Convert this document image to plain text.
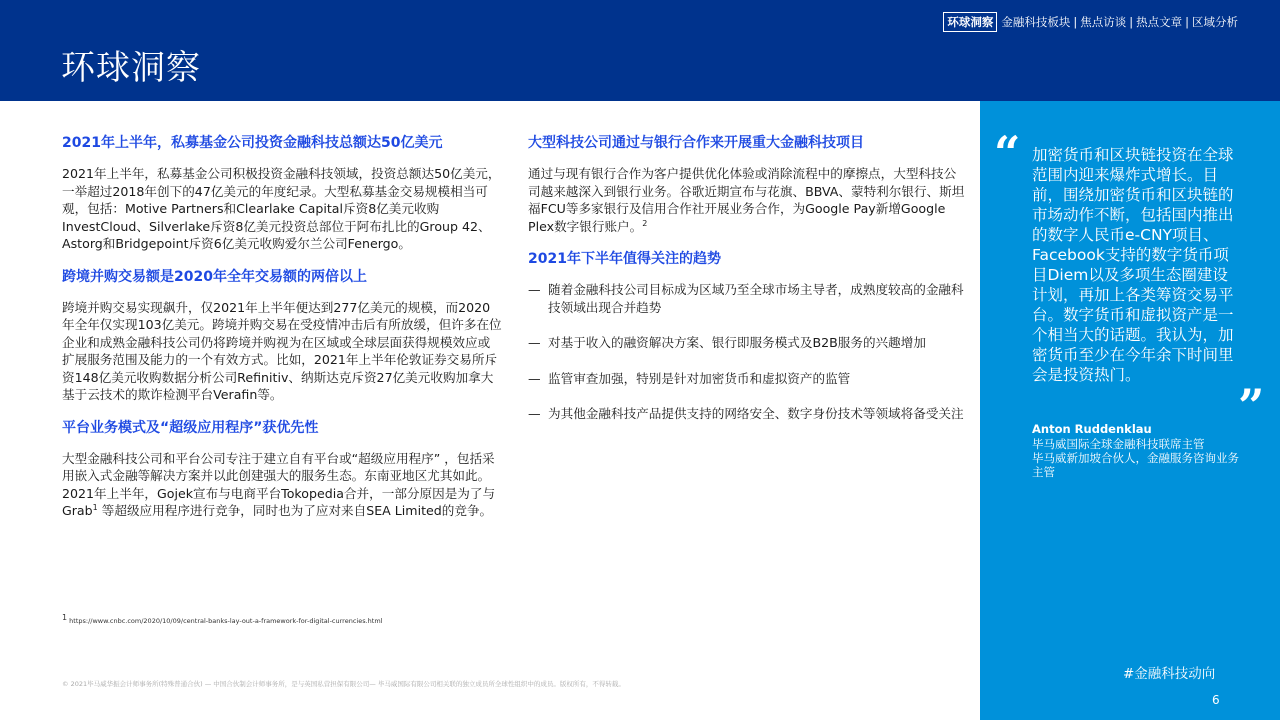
环球洞察
环球洞察 金融科技板块 | 焦点访谈 | 热点文章 | 区域分析
2021年上半年，私募基金公司投资金融科技总额达50亿美元

2021年上半年，私募基金公司积极投资金融科技领域，投资总额达50亿美元，一举超过2018年创下的47亿美元的年度纪录。大型私募基金交易规模相当可观，包括：Motive Partners和Clearlake Capital斥资8亿美元收购InvestCloud、Silverlake斥资8亿美元投资总部位于阿布扎比的Group 42、Astorg和Bridgepoint斥资6亿美元收购爱尔兰公司Fenergo。

跨境并购交易额是2020年全年交易额的两倍以上

跨境并购交易实现飙升，仅2021年上半年便达到277亿美元的规模，而2020年全年仅实现103亿美元。跨境并购交易在受疫情冲击后有所放缓，但许多在位企业和成熟金融科技公司仍将跨境并购视为在区域或全球层面获得规模效应或扩展服务范围及能力的一个有效方式。比如，2021年上半年伦敦证券交易所斥资148亿美元收购数据分析公司Refinitiv、纳斯达克斥资27亿美元收购加拿大基于云技术的欺诈检测平台Verafin等。

平台业务模式及“超级应用程序”获优先性

大型金融科技公司和平台公司专注于建立自有平台或“超级应用程序” ，包括采用嵌入式金融等解决方案并以此创建强大的服务生态。东南亚地区尤其如此。2021年上半年，Gojek宣布与电商平台Tokopedia合并，一部分原因是为了与 Grab$^1$ 等超级应用程序进行竞争，同时也为了应对来自SEA Limited的竞争。

大型科技公司通过与银行合作来开展重大金融科技项目

通过与现有银行合作为客户提供优化体验或消除流程中的摩擦点，大型科技公司越来越深入到银行业务。谷歌近期宣布与花旗、BBVA、蒙特利尔银行、斯坦福FCU等多家银行及信用合作社开展业务合作，为Google Pay新增Google Plex数字银行账户。$^2$

2021年下半年值得关注的趋势
— 随着金融科技公司目标成为区域乃至全球市场主导者，成熟度较高的金融科技领域出现合并趋势
— 对基于收入的融资解决方案、银行即服务模式及B2B服务的兴趣增加
— 监管审查加强，特别是针对加密货币和虚拟资产的监管
— 为其他金融科技产品提供支持的网络安全、数字身份技术等领域将备受关注
$^1$ https://www.cnbc.com/2020/10/09/central-banks-lay-out-a-framework-for-digital-currencies.html
© 2021毕马威华振会计师事务所(特殊普通合伙) — 中国合伙制会计师事务所，是与英国私营担保有限公司— 毕马威国际有限公司相关联的独立成员所全球性组织中的成员。版权所有，不得转载。
“ 加密货币和区块链投资在全球范围内迎来爆炸式增长。目前，围绕加密货币和区块链的市场动作不断，包括国内推出的数字人民币e-CNY项目、Facebook支持的数字货币项目Diem以及多项生态圈建设计划，再加上各类筹资交易平台。数字货币和虚拟资产是一个相当大的话题。我认为，加密货币至少在今年余下时间里会是投资热门。

”
Anton Ruddenklau

毕马威国际全球金融科技联席主管
毕马威新加坡合伙人，金融服务咨询业务主管

#金融科技动向
6
